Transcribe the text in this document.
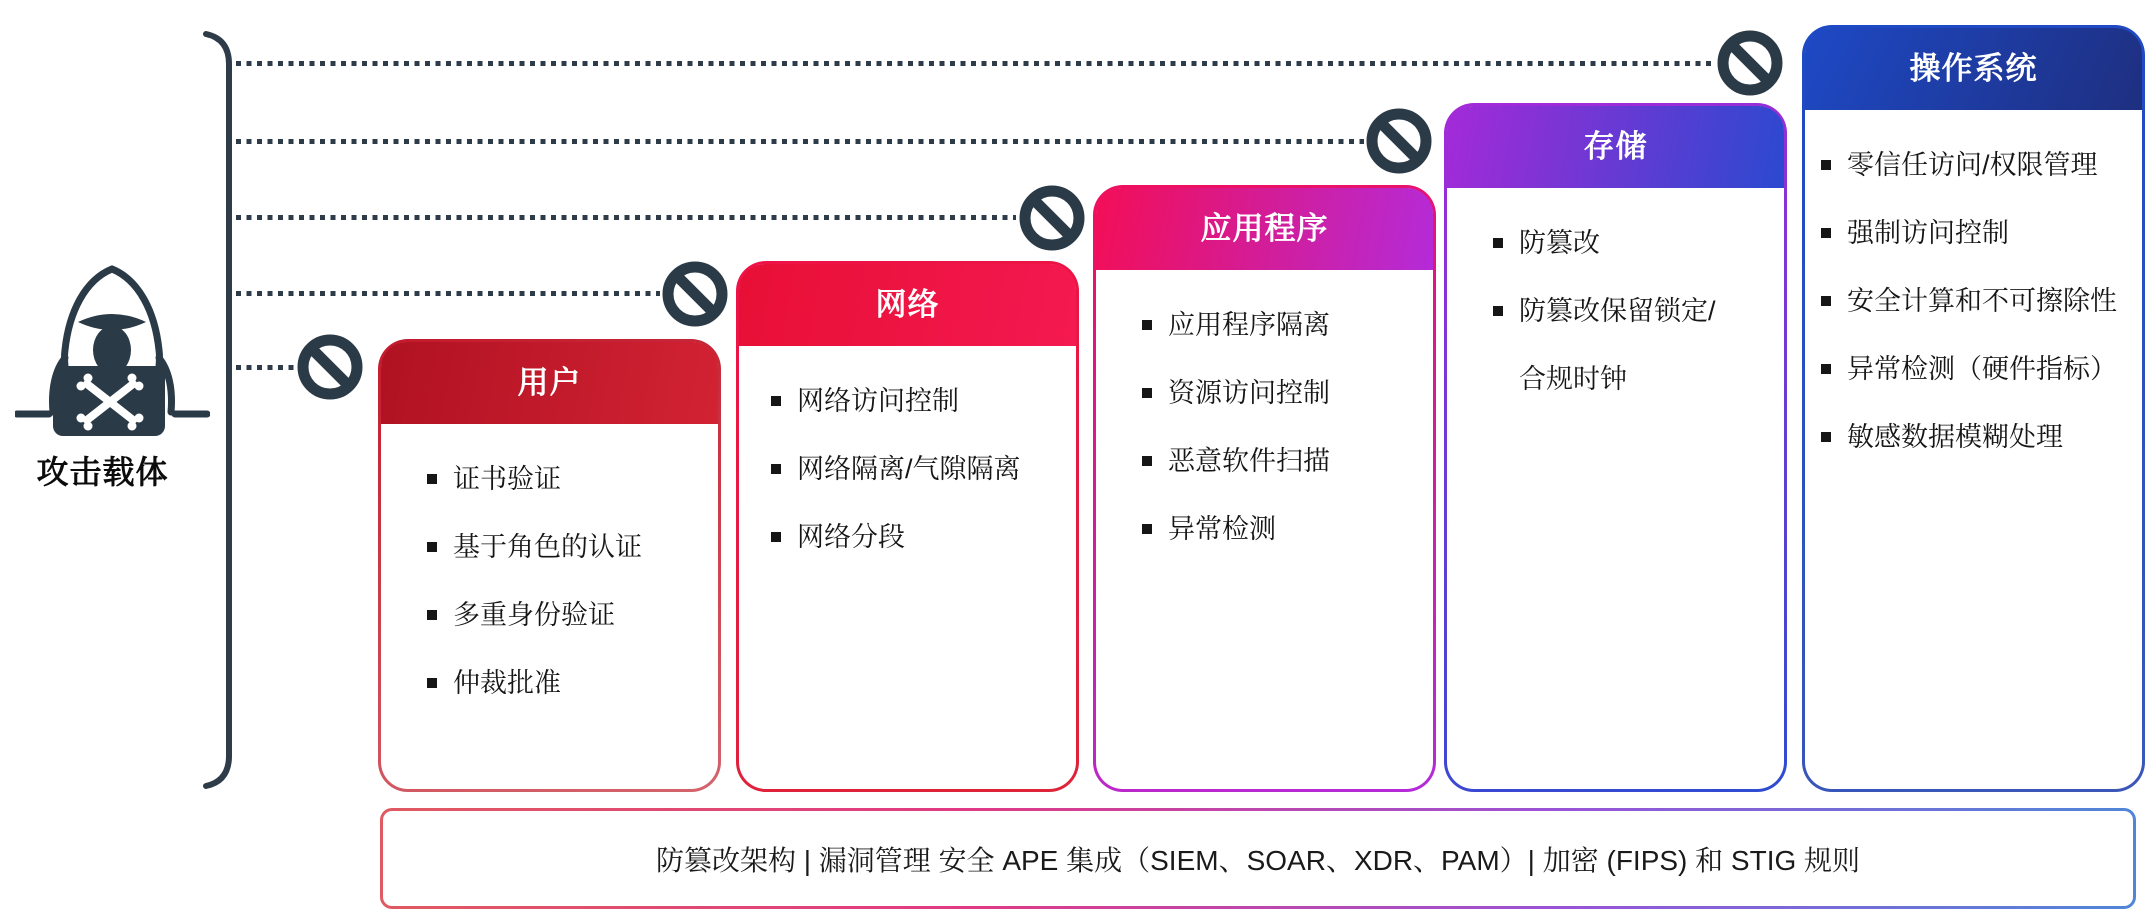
攻击载体
用户
证书验证
基于角色的认证
多重身份验证
仲裁批准
网络
网络访问控制
网络隔离/气隙隔离
网络分段
应用程序
应用程序隔离
资源访问控制
恶意软件扫描
异常检测
存储
防篡改
防篡改保留锁定/合规时钟
操作系统
零信任访问/权限管理
强制访问控制
安全计算和不可擦除性
异常检测（硬件指标）
敏感数据模糊处理
防篡改架构 | 漏洞管理 安全 APE 集成（SIEM、SOAR、XDR、PAM）| 加密 (FIPS) 和 STIG 规则
